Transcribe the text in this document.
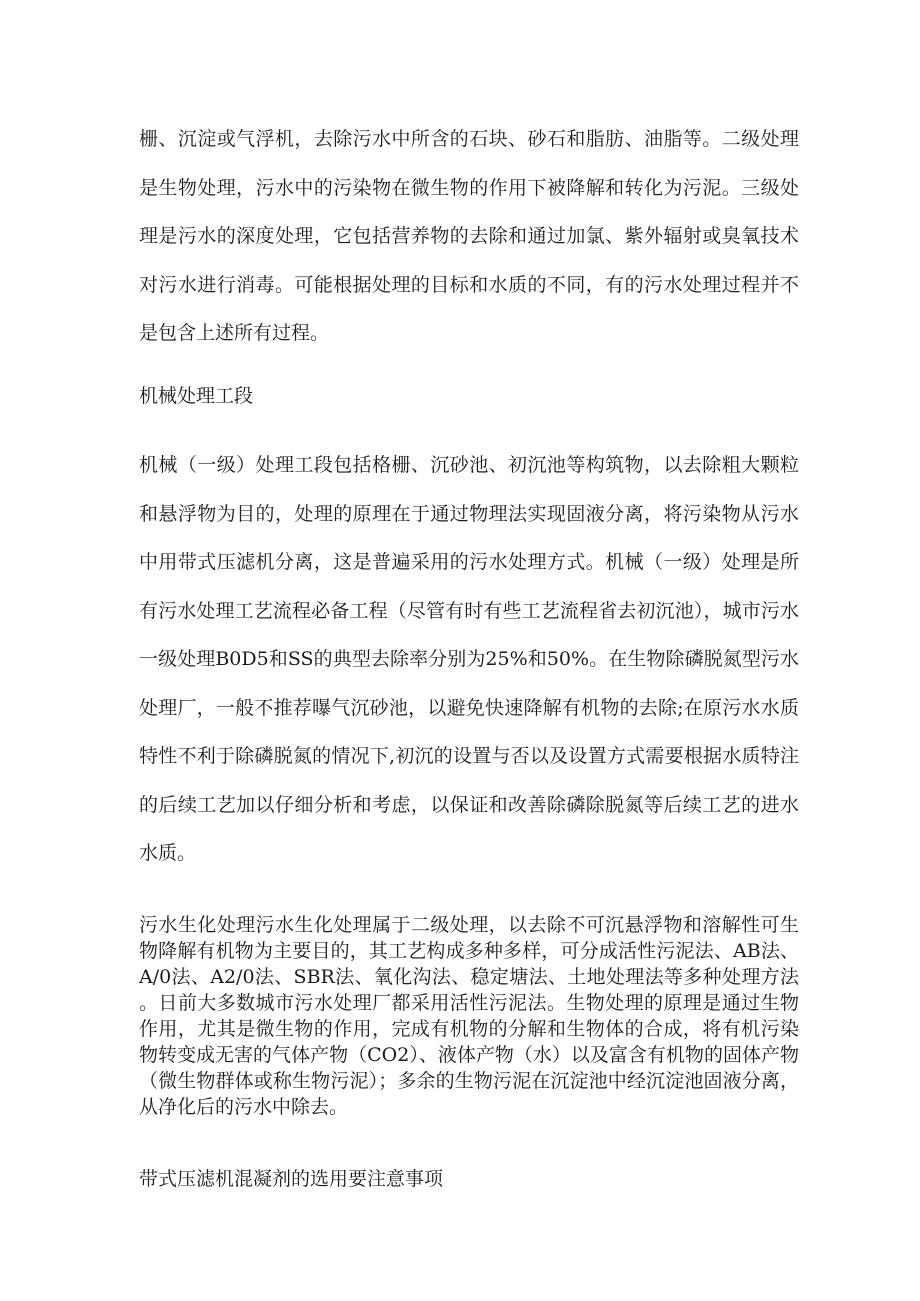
栅、沉淀或气浮机，去除污水中所含的石块、砂石和脂肪、油脂等。二级处理是生物处理，污水中的污染物在微生物的作用下被降解和转化为污泥。三级处理是污水的深度处理，它包括营养物的去除和通过加氯、紫外辐射或臭氧技术对污水进行消毒。可能根据处理的目标和水质的不同，有的污水处理过程并不是包含上述所有过程。

机械处理工段

机械（一级）处理工段包括格栅、沉砂池、初沉池等构筑物，以去除粗大颗粒和悬浮物为目的，处理的原理在于通过物理法实现固液分离，将污染物从污水中用带式压滤机分离，这是普遍采用的污水处理方式。机械（一级）处理是所有污水处理工艺流程必备工程（尽管有时有些工艺流程省去初沉池），城市污水一级处理B0D5和SS的典型去除率分别为25%和50%。在生物除磷脱氮型污水处理厂，一般不推荐曝气沉砂池，以避免快速降解有机物的去除;在原污水水质特性不利于除磷脱氮的情况下,初沉的设置与否以及设置方式需要根据水质特注的后续工艺加以仔细分析和考虑，以保证和改善除磷除脱氮等后续工艺的进水水质。

污水生化处理污水生化处理属于二级处理，以去除不可沉悬浮物和溶解性可生物降解有机物为主要目的，其工艺构成多种多样，可分成活性污泥法、AB法、A/0法、A2/0法、SBR法、氧化沟法、稳定塘法、土地处理法等多种处理方法。日前大多数城市污水处理厂都采用活性污泥法。生物处理的原理是通过生物作用，尤其是微生物的作用，完成有机物的分解和生物体的合成，将有机污染物转变成无害的气体产物（CO2）、液体产物（水）以及富含有机物的固体产物（微生物群体或称生物污泥）；多余的生物污泥在沉淀池中经沉淀池固液分离，从净化后的污水中除去。

带式压滤机混凝剂的选用要注意事项
